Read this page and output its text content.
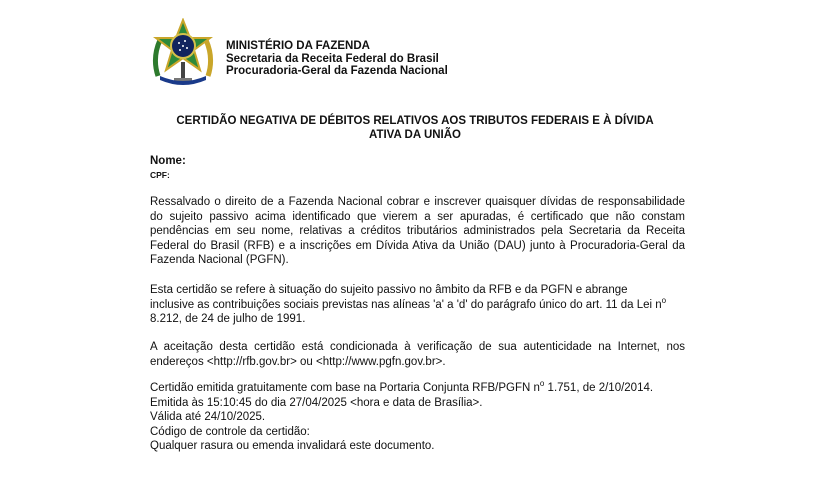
MINISTÉRIO DA FAZENDA
Secretaria da Receita Federal do Brasil
Procuradoria-Geral da Fazenda Nacional
CERTIDÃO NEGATIVA DE DÉBITOS RELATIVOS AOS TRIBUTOS FEDERAIS E À DÍVIDA
ATIVA DA UNIÃO
Nome:
CPF:
Ressalvado o direito de a Fazenda Nacional cobrar e inscrever quaisquer dívidas de responsabilidade do sujeito passivo acima identificado que vierem a ser apuradas, é certificado que não constam pendências em seu nome, relativas a créditos tributários administrados pela Secretaria da Receita Federal do Brasil (RFB) e a inscrições em Dívida Ativa da União (DAU) junto à Procuradoria-Geral da Fazenda Nacional (PGFN).
Esta certidão se refere à situação do sujeito passivo no âmbito da RFB e da PGFN e abrange
inclusive as contribuições sociais previstas nas alíneas 'a' a 'd' do parágrafo único do art. 11 da Lei $n^o$
8.212, de 24 de julho de 1991.
A aceitação desta certidão está condicionada à verificação de sua autenticidade na Internet, nos endereços <http://rfb.gov.br> ou <http://www.pgfn.gov.br>.
Certidão emitida gratuitamente com base na Portaria Conjunta RFB/PGFN $n^o$ 1.751, de 2/10/2014.
Emitida às 15:10:45 do dia 27/04/2025 <hora e data de Brasília>.
Válida até 24/10/2025.
Código de controle da certidão:
Qualquer rasura ou emenda invalidará este documento.
